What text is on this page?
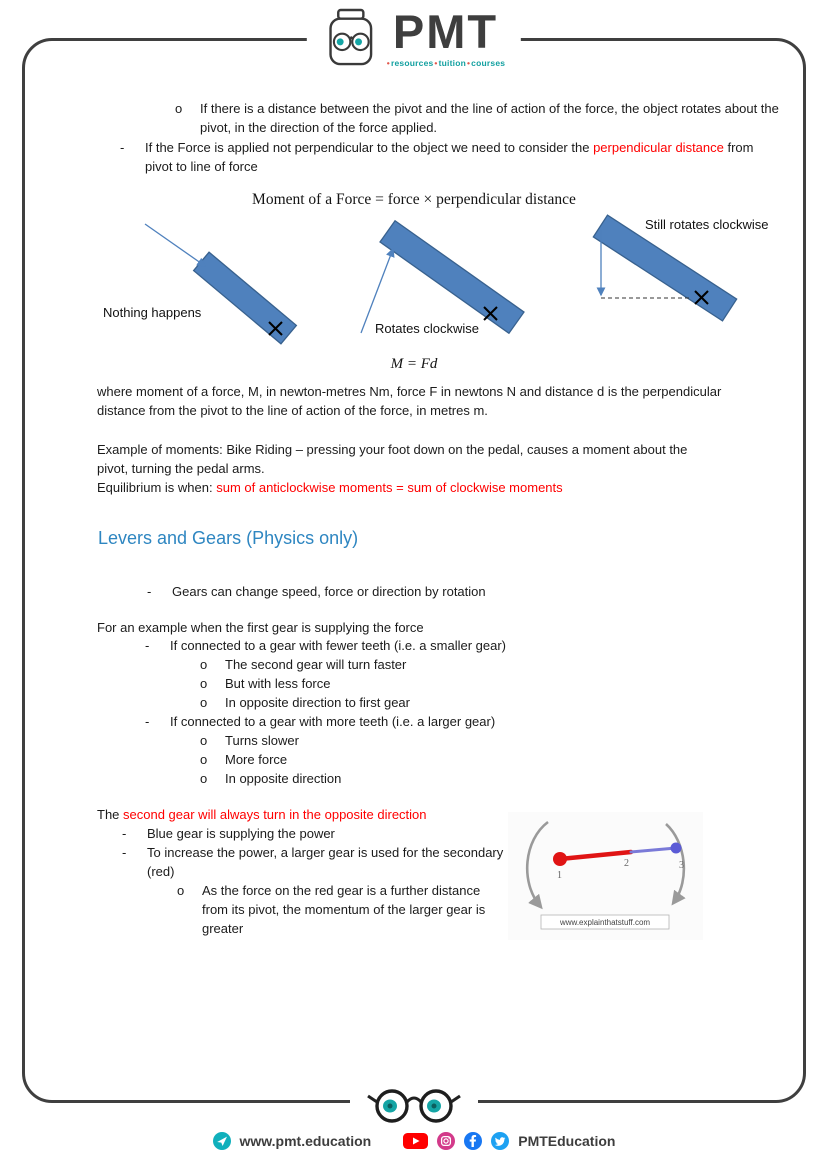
PMT
• resources • tuition • courses
o	If there is a distance between the pivot and the line of action of the force, the object rotates about the pivot, in the direction of the force applied.
-	If the Force is applied not perpendicular to the object we need to consider the perpendicular distance from pivot to line of force
Moment of a Force = force × perpendicular distance
Nothing happens
Rotates clockwise
Still rotates clockwise
M = Fd
where moment of a force, M, in newton-metres Nm, force F in newtons N and distance d is the perpendicular distance from the pivot to the line of action of the force, in metres m.
Example of moments: Bike Riding – pressing your foot down on the pedal, causes a moment about the pivot, turning the pedal arms.
Equilibrium is when: sum of anticlockwise moments = sum of clockwise moments
Levers and Gears (Physics only)
-	Gears can change speed, force or direction by rotation
For an example when the first gear is supplying the force
-	If connected to a gear with fewer teeth (i.e. a smaller gear)
o	The second gear will turn faster
o	But with less force
o	In opposite direction to first gear
-	If connected to a gear with more teeth (i.e. a larger gear)
o	Turns slower
o	More force
o	In opposite direction
The second gear will always turn in the opposite direction
-	Blue gear is supplying the power
-	To increase the power, a larger gear is used for the secondary (red)
o	As the force on the red gear is a further distance from its pivot, the momentum of the larger gear is greater
1
2	3
www.explainthatstuff.com
www.pmt.education	PMTEducation
